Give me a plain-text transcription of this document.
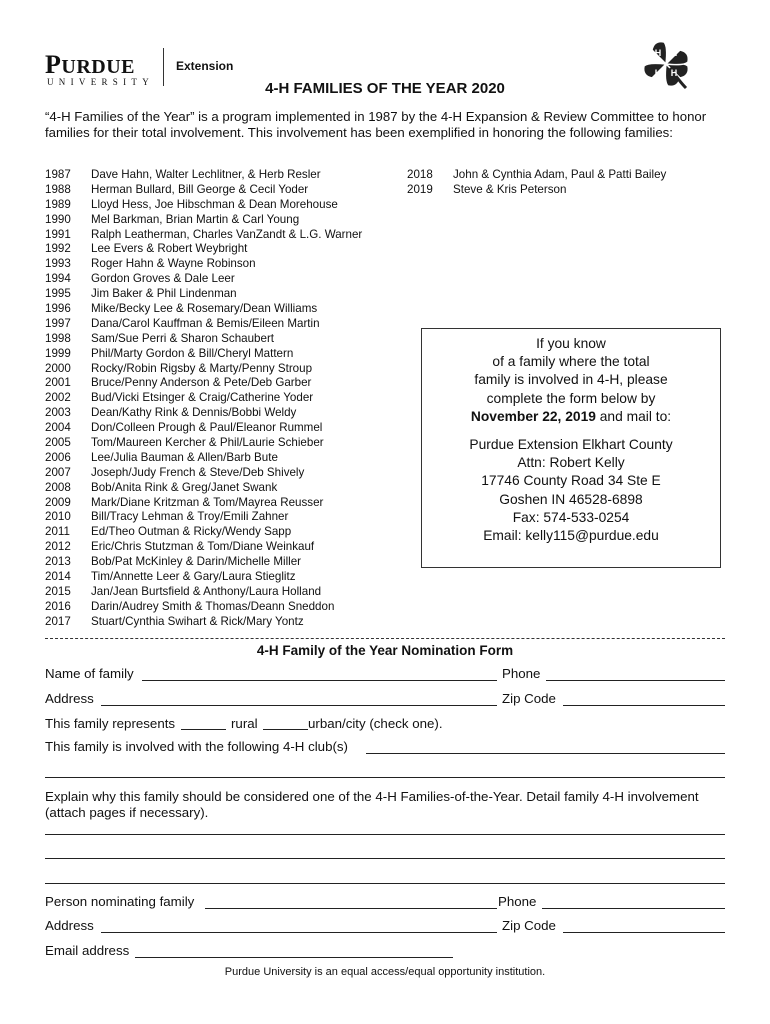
PURDUE
UNIVERSITY
Extension
H H
H H
4-H FAMILIES OF THE YEAR 2020
“4-H Families of the Year” is a program implemented in 1987 by the 4-H Expansion & Review Committee to honor families for their total involvement. This involvement has been exemplified in honoring the following families:
1987 Dave Hahn, Walter Lechlitner, & Herb Resler
1988 Herman Bullard, Bill George & Cecil Yoder
1989 Lloyd Hess, Joe Hibschman & Dean Morehouse
1990 Mel Barkman, Brian Martin & Carl Young
1991 Ralph Leatherman, Charles VanZandt & L.G. Warner
1992 Lee Evers & Robert Weybright
1993 Roger Hahn & Wayne Robinson
1994 Gordon Groves & Dale Leer
1995 Jim Baker & Phil Lindenman
1996 Mike/Becky Lee & Rosemary/Dean Williams
1997 Dana/Carol Kauffman & Bemis/Eileen Martin
1998 Sam/Sue Perri & Sharon Schaubert
1999 Phil/Marty Gordon & Bill/Cheryl Mattern
2000 Rocky/Robin Rigsby & Marty/Penny Stroup
2001 Bruce/Penny Anderson & Pete/Deb Garber
2002 Bud/Vicki Etsinger & Craig/Catherine Yoder
2003 Dean/Kathy Rink & Dennis/Bobbi Weldy
2004 Don/Colleen Prough & Paul/Eleanor Rummel
2005 Tom/Maureen Kercher & Phil/Laurie Schieber
2006 Lee/Julia Bauman & Allen/Barb Bute
2007 Joseph/Judy French & Steve/Deb Shively
2008 Bob/Anita Rink & Greg/Janet Swank
2009 Mark/Diane Kritzman & Tom/Mayrea Reusser
2010 Bill/Tracy Lehman & Troy/Emili Zahner
2011 Ed/Theo Outman & Ricky/Wendy Sapp
2012 Eric/Chris Stutzman & Tom/Diane Weinkauf
2013 Bob/Pat McKinley & Darin/Michelle Miller
2014 Tim/Annette Leer & Gary/Laura Stieglitz
2015 Jan/Jean Burtsfield & Anthony/Laura Holland
2016 Darin/Audrey Smith & Thomas/Deann Sneddon
2017 Stuart/Cynthia Swihart & Rick/Mary Yontz
2018 John & Cynthia Adam, Paul & Patti Bailey
2019 Steve & Kris Peterson
If you know
of a family where the total
family is involved in 4-H, please
complete the form below by
November 22, 2019 and mail to:
Purdue Extension Elkhart County
Attn: Robert Kelly
17746 County Road 34 Ste E
Goshen IN 46528-6898
Fax: 574-533-0254
Email: kelly115@purdue.edu
4-H Family of the Year Nomination Form
Name of family	Phone
Address	Zip Code
This family represents	rural	urban/city (check one).
This family is involved with the following 4-H club(s)
Explain why this family should be considered one of the 4-H Families-of-the-Year. Detail family 4-H involvement (attach pages if necessary).
Person nominating family	Phone
Address	Zip Code
Email address
Purdue University is an equal access/equal opportunity institution.
